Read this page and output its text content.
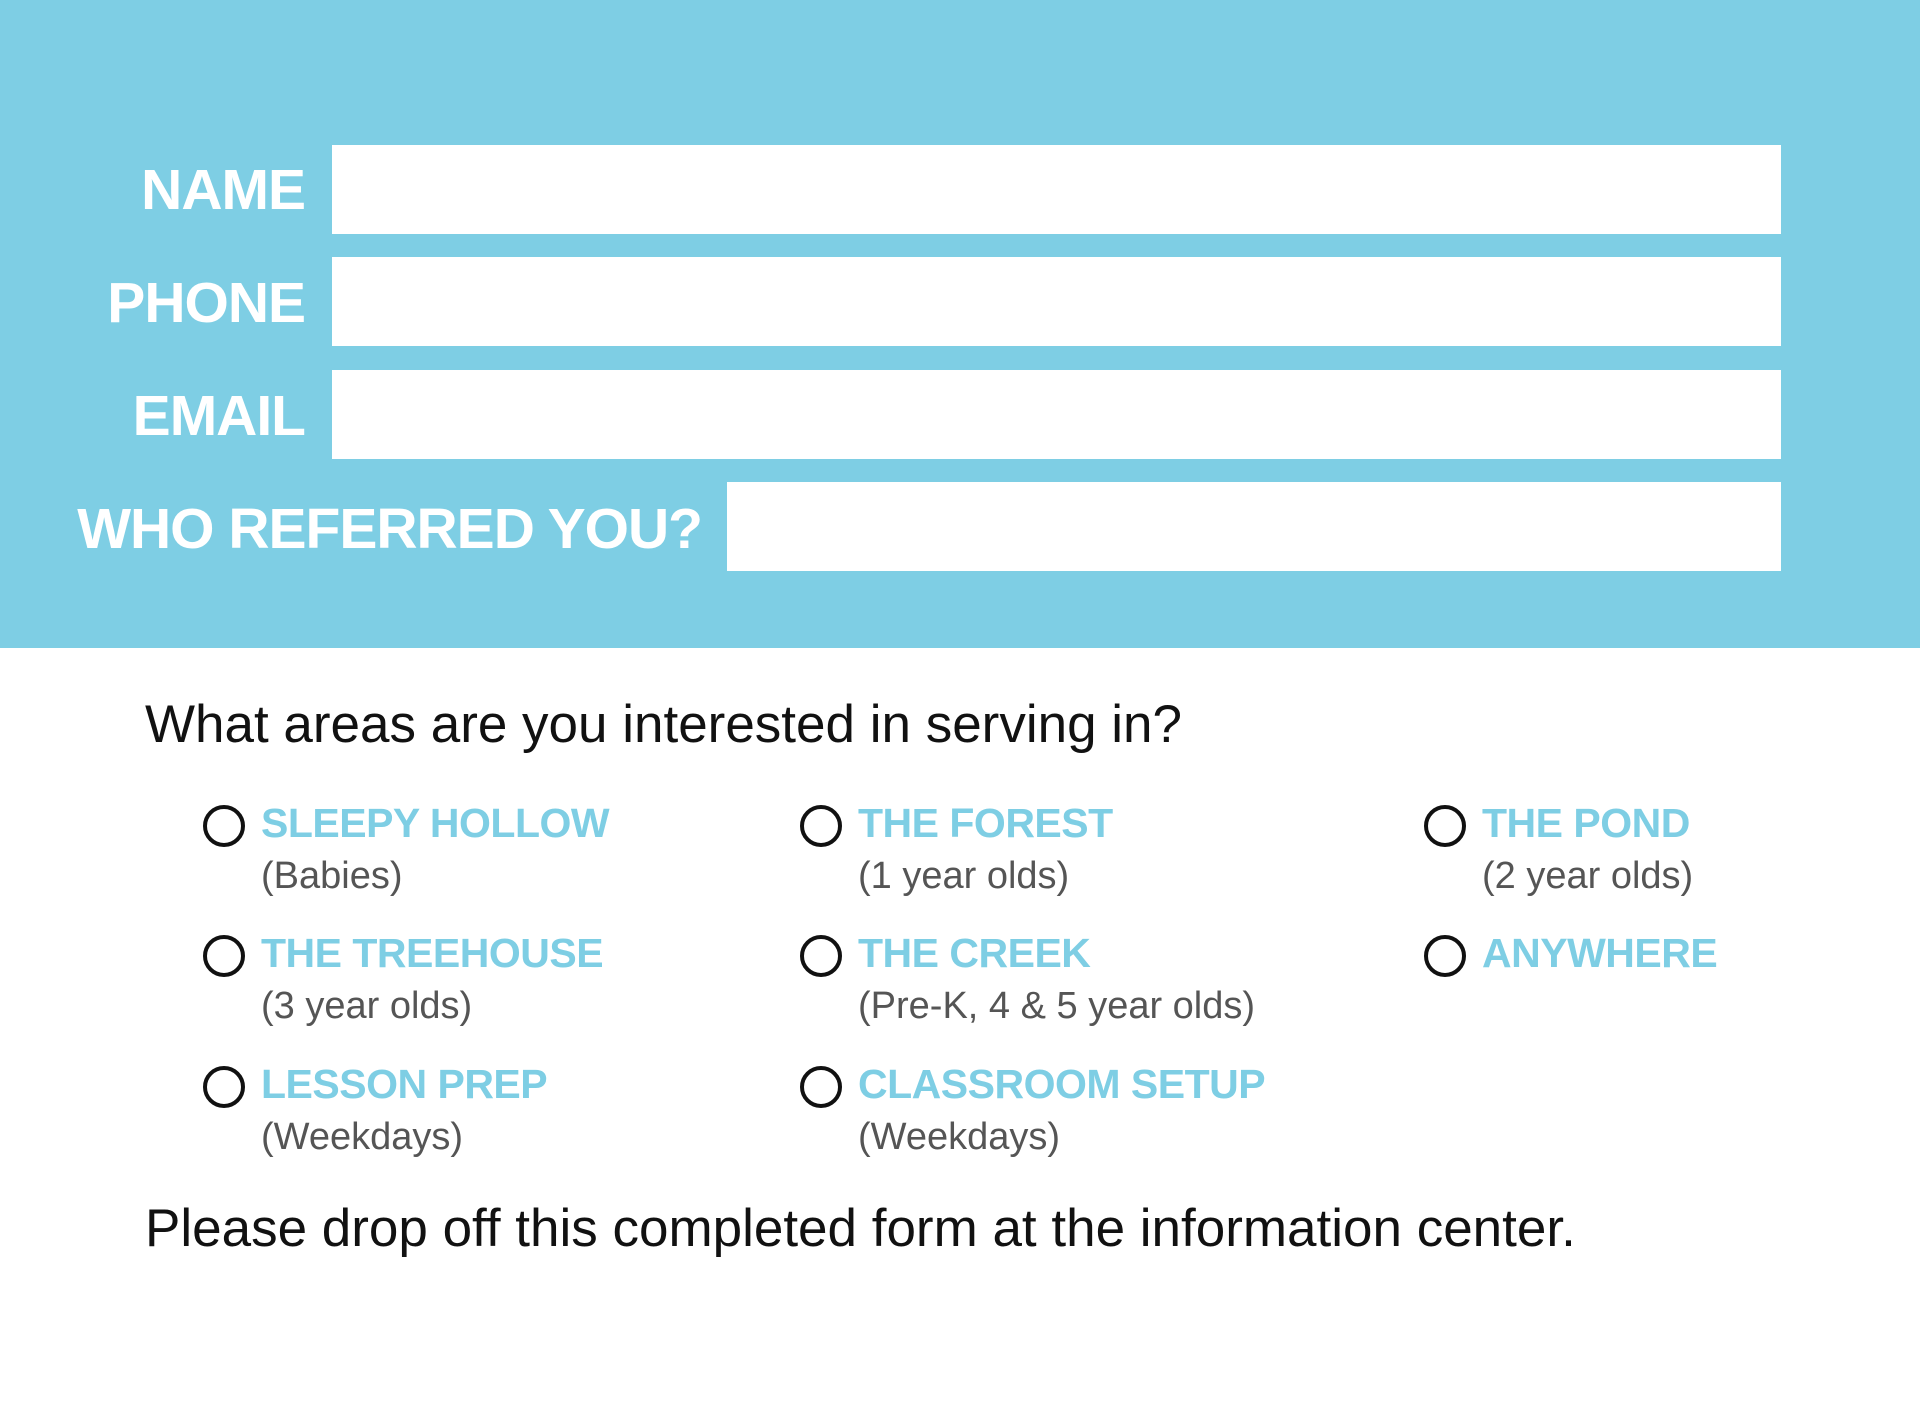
NAME
PHONE
EMAIL
WHO REFERRED YOU?
What areas are you interested in serving in?
SLEEPY HOLLOW
(Babies)
THE FOREST
(1 year olds)
THE POND
(2 year olds)
THE TREEHOUSE
(3 year olds)
THE CREEK
(Pre-K, 4 & 5 year olds)
ANYWHERE
LESSON PREP
(Weekdays)
CLASSROOM SETUP
(Weekdays)
Please drop off this completed form at the information center.
